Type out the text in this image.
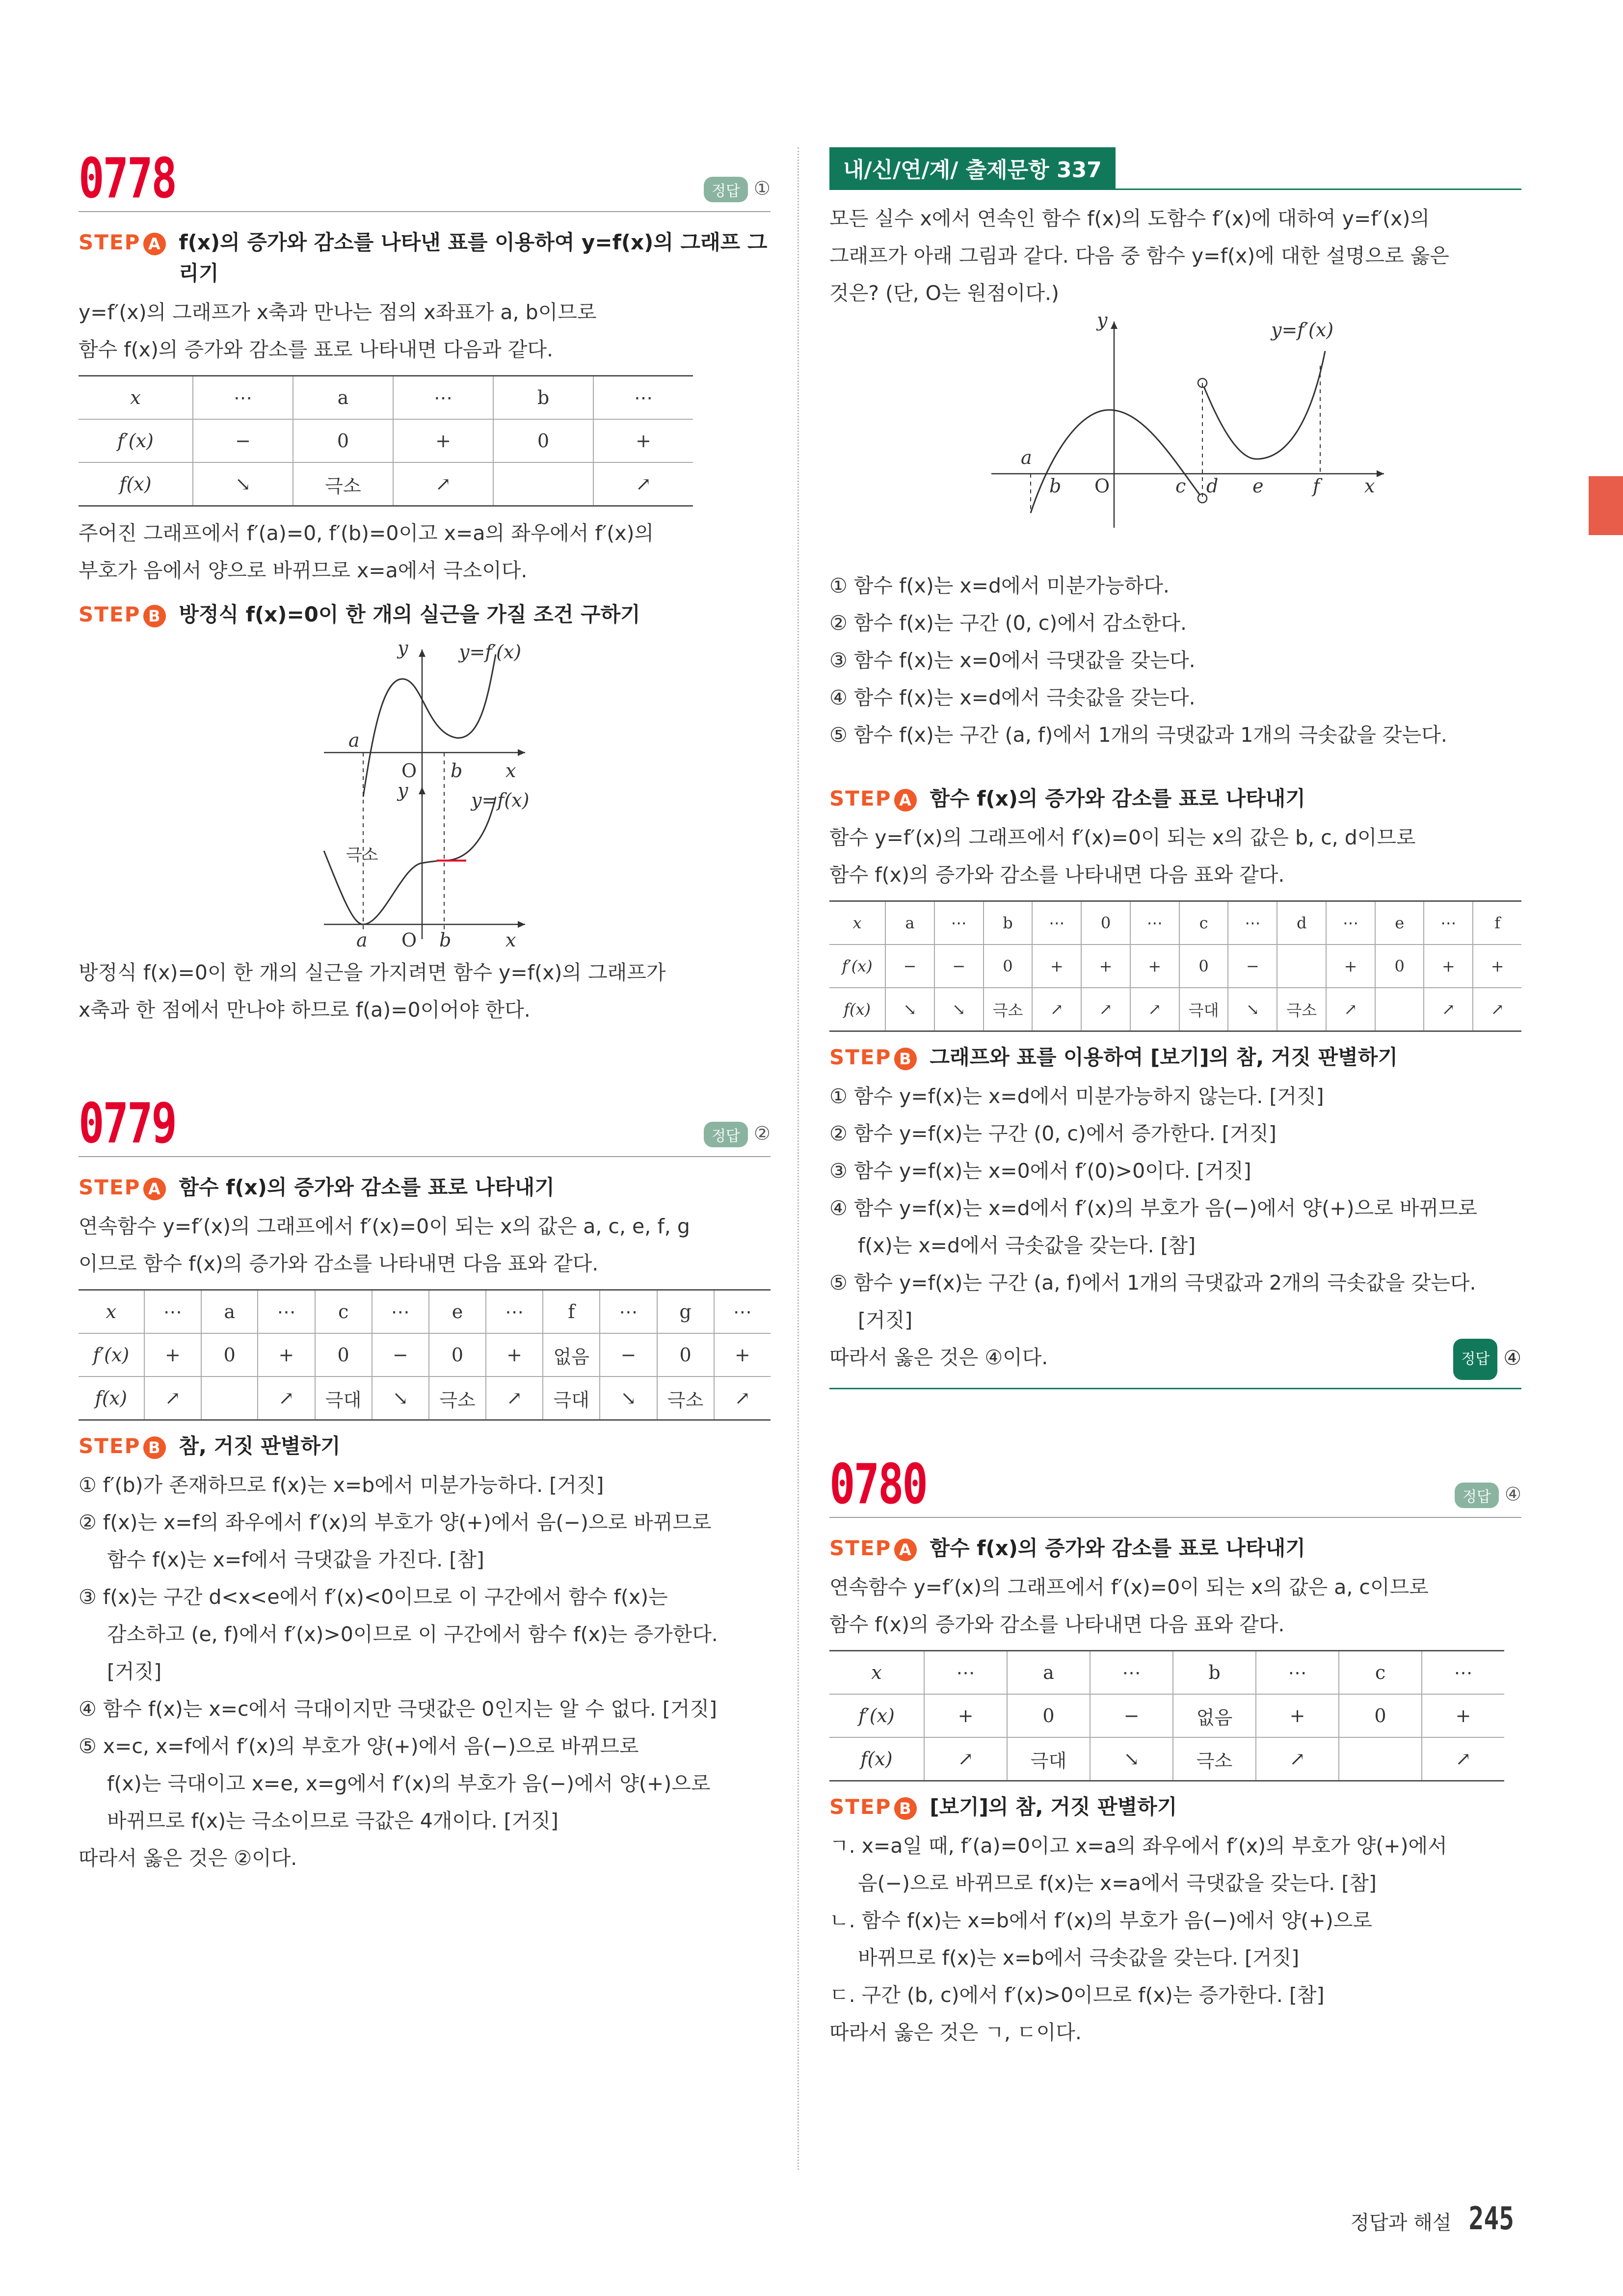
0778	정답 ①
STEP A f(x)의 증가와 감소를 나타낸 표를 이용하여 y=f(x)의 그래프 그리기

y=f′(x)의 그래프가 x축과 만나는 점의 x좌표가 a, b이므로

함수 f(x)의 증가와 감소를 표로 나타내면 다음과 같다.

x	⋯	a	⋯	b	⋯
f′(x)	−	0	+	0	+
f(x)	↘	극소	↗		↗

주어진 그래프에서 f′(a)=0, f′(b)=0이고 x=a의 좌우에서 f′(x)의

부호가 음에서 양으로 바뀌므로 x=a에서 극소이다.

STEP B 방정식 f(x)=0이 한 개의 실근을 가질 조건 구하기
y	y=f′(x)
a
O b x
y	y=f(x)
극소
a O b	x

방정식 f(x)=0이 한 개의 실근을 가지려면 함수 y=f(x)의 그래프가

x축과 한 점에서 만나야 하므로 f(a)=0이어야 한다.

0779	정답 ②
STEP A 함수 f(x)의 증가와 감소를 표로 나타내기

연속함수 y=f′(x)의 그래프에서 f′(x)=0이 되는 x의 값은 a, c, e, f, g

이므로 함수 f(x)의 증가와 감소를 나타내면 다음 표와 같다.

x	⋯	a	⋯	c	⋯	e	⋯	f	⋯	g	⋯
f′(x)	+	0	+	0	−	0	+	없음	−	0	+
f(x)	↗		↗	극대	↘	극소	↗	극대	↘	극소	↗
STEP B 참, 거짓 판별하기

① f′(b)가 존재하므로 f(x)는 x=b에서 미분가능하다. [거짓]

② f(x)는 x=f의 좌우에서 f′(x)의 부호가 양(+)에서 음(−)으로 바뀌므로

함수 f(x)는 x=f에서 극댓값을 가진다. [참]

③ f(x)는 구간 d<x<e에서 f′(x)<0이므로 이 구간에서 함수 f(x)는

감소하고 (e, f)에서 f′(x)>0이므로 이 구간에서 함수 f(x)는 증가한다.

[거짓]

④ 함수 f(x)는 x=c에서 극대이지만 극댓값은 0인지는 알 수 없다. [거짓]

⑤ x=c, x=f에서 f′(x)의 부호가 양(+)에서 음(−)으로 바뀌므로

f(x)는 극대이고 x=e, x=g에서 f′(x)의 부호가 음(−)에서 양(+)으로

바뀌므로 f(x)는 극소이므로 극값은 4개이다. [거짓]

따라서 옳은 것은 ②이다.

내/신/연/계/ 출제문항 337

모든 실수 x에서 연속인 함수 f(x)의 도함수 f′(x)에 대하여 y=f′(x)의

그래프가 아래 그림과 같다. 다음 중 함수 y=f(x)에 대한 설명으로 옳은

것은? (단, O는 원점이다.)

y	y=f′(x)
a
b O	c d e	f x

① 함수 f(x)는 x=d에서 미분가능하다.

② 함수 f(x)는 구간 (0, c)에서 감소한다.

③ 함수 f(x)는 x=0에서 극댓값을 갖는다.

④ 함수 f(x)는 x=d에서 극솟값을 갖는다.

⑤ 함수 f(x)는 구간 (a, f)에서 1개의 극댓값과 1개의 극솟값을 갖는다.

STEP A 함수 f(x)의 증가와 감소를 표로 나타내기

함수 y=f′(x)의 그래프에서 f′(x)=0이 되는 x의 값은 b, c, d이므로

함수 f(x)의 증가와 감소를 나타내면 다음 표와 같다.

x	a	⋯	b	⋯	0	⋯	c	⋯	d	⋯	e	⋯	f
f′(x)	−	−	0	+	+	+	0	−		+	0	+	+
f(x)	↘	↘	극소	↗	↗	↗	극대	↘	극소	↗		↗	↗
STEP B 그래프와 표를 이용하여 [보기]의 참, 거짓 판별하기

① 함수 y=f(x)는 x=d에서 미분가능하지 않는다. [거짓]

② 함수 y=f(x)는 구간 (0, c)에서 증가한다. [거짓]

③ 함수 y=f(x)는 x=0에서 f′(0)>0이다. [거짓]

④ 함수 y=f(x)는 x=d에서 f′(x)의 부호가 음(−)에서 양(+)으로 바뀌므로

f(x)는 x=d에서 극솟값을 갖는다. [참]

⑤ 함수 y=f(x)는 구간 (a, f)에서 1개의 극댓값과 2개의 극솟값을 갖는다.

[거짓]

따라서 옳은 것은 ④이다.	정답 ④

0780	정답 ④
STEP A 함수 f(x)의 증가와 감소를 표로 나타내기

연속함수 y=f′(x)의 그래프에서 f′(x)=0이 되는 x의 값은 a, c이므로

함수 f(x)의 증가와 감소를 나타내면 다음 표와 같다.

x	⋯	a	⋯	b	⋯	c	⋯
f′(x)	+	0	−	없음	+	0	+
f(x)	↗	극대	↘	극소	↗		↗
STEP B [보기]의 참, 거짓 판별하기

ㄱ. x=a일 때, f′(a)=0이고 x=a의 좌우에서 f′(x)의 부호가 양(+)에서

음(−)으로 바뀌므로 f(x)는 x=a에서 극댓값을 갖는다. [참]

ㄴ. 함수 f(x)는 x=b에서 f′(x)의 부호가 음(−)에서 양(+)으로

바뀌므로 f(x)는 x=b에서 극솟값을 갖는다. [거짓]

ㄷ. 구간 (b, c)에서 f′(x)>0이므로 f(x)는 증가한다. [참]

따라서 옳은 것은 ㄱ, ㄷ이다.

정답과 해설 245
